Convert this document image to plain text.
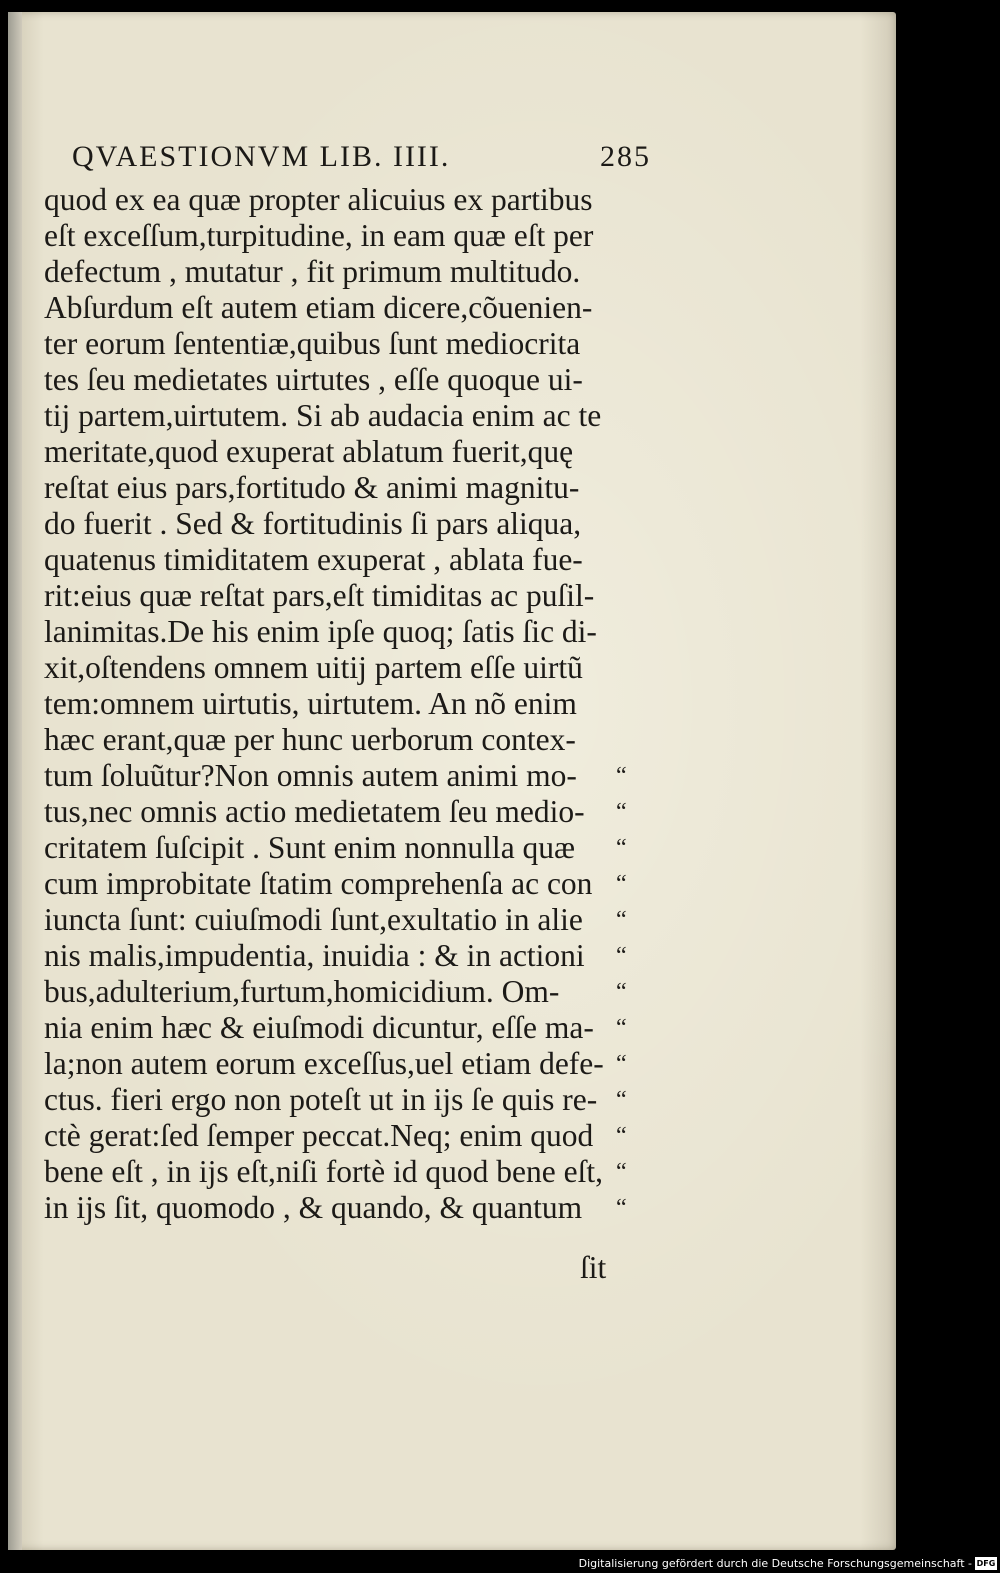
QVAESTIONVM LIB. IIII.	285
quod ex ea quæ propter alicuius ex partibus
eſt exceſſum,turpitudine, in eam quæ eſt per
defectum , mutatur , fit primum multitudo.
Abſurdum eſt autem etiam dicere,cõuenien-
ter eorum ſententiæ,quibus ſunt mediocrita
tes ſeu medietates uirtutes , eſſe quoque ui-
tij partem,uirtutem. Si ab audacia enim ac te
meritate,quod exuperat ablatum fuerit,quę
reſtat eius pars,fortitudo & animi magnitu-
do fuerit . Sed & fortitudinis ſi pars aliqua,
quatenus timiditatem exuperat , ablata fue-
rit:eius quæ reſtat pars,eſt timiditas ac puſil-
lanimitas.De his enim ipſe quoq; ſatis ſic di-
xit,oſtendens omnem uitij partem eſſe uirtũ
tem:omnem uirtutis, uirtutem. An nõ enim
hæc erant,quæ per hunc uerborum contex-
tum ſoluũtur?Non omnis autem animi mo-
tus,nec omnis actio medietatem ſeu medio-
critatem ſuſcipit . Sunt enim nonnulla quæ
cum improbitate ſtatim comprehenſa ac con
iuncta ſunt: cuiuſmodi ſunt,exultatio in alie
nis malis,impudentia, inuidia : & in actioni
bus,adulterium,furtum,homicidium. Om-
nia enim hæc & eiuſmodi dicuntur, eſſe ma-
la;non autem eorum exceſſus,uel etiam defe-
ctus. fieri ergo non poteſt ut in ijs ſe quis re-
ctè gerat:ſed ſemper peccat.Neq; enim quod
bene eſt , in ijs eſt,niſi fortè id quod bene eſt,
in ijs ſit, quomodo , & quando, & quantum
“
“
“
“
“
“
“
“
“
“
“
“
“
ſit
Digitalisierung gefördert durch die Deutsche Forschungsgemeinschaft - DFG
